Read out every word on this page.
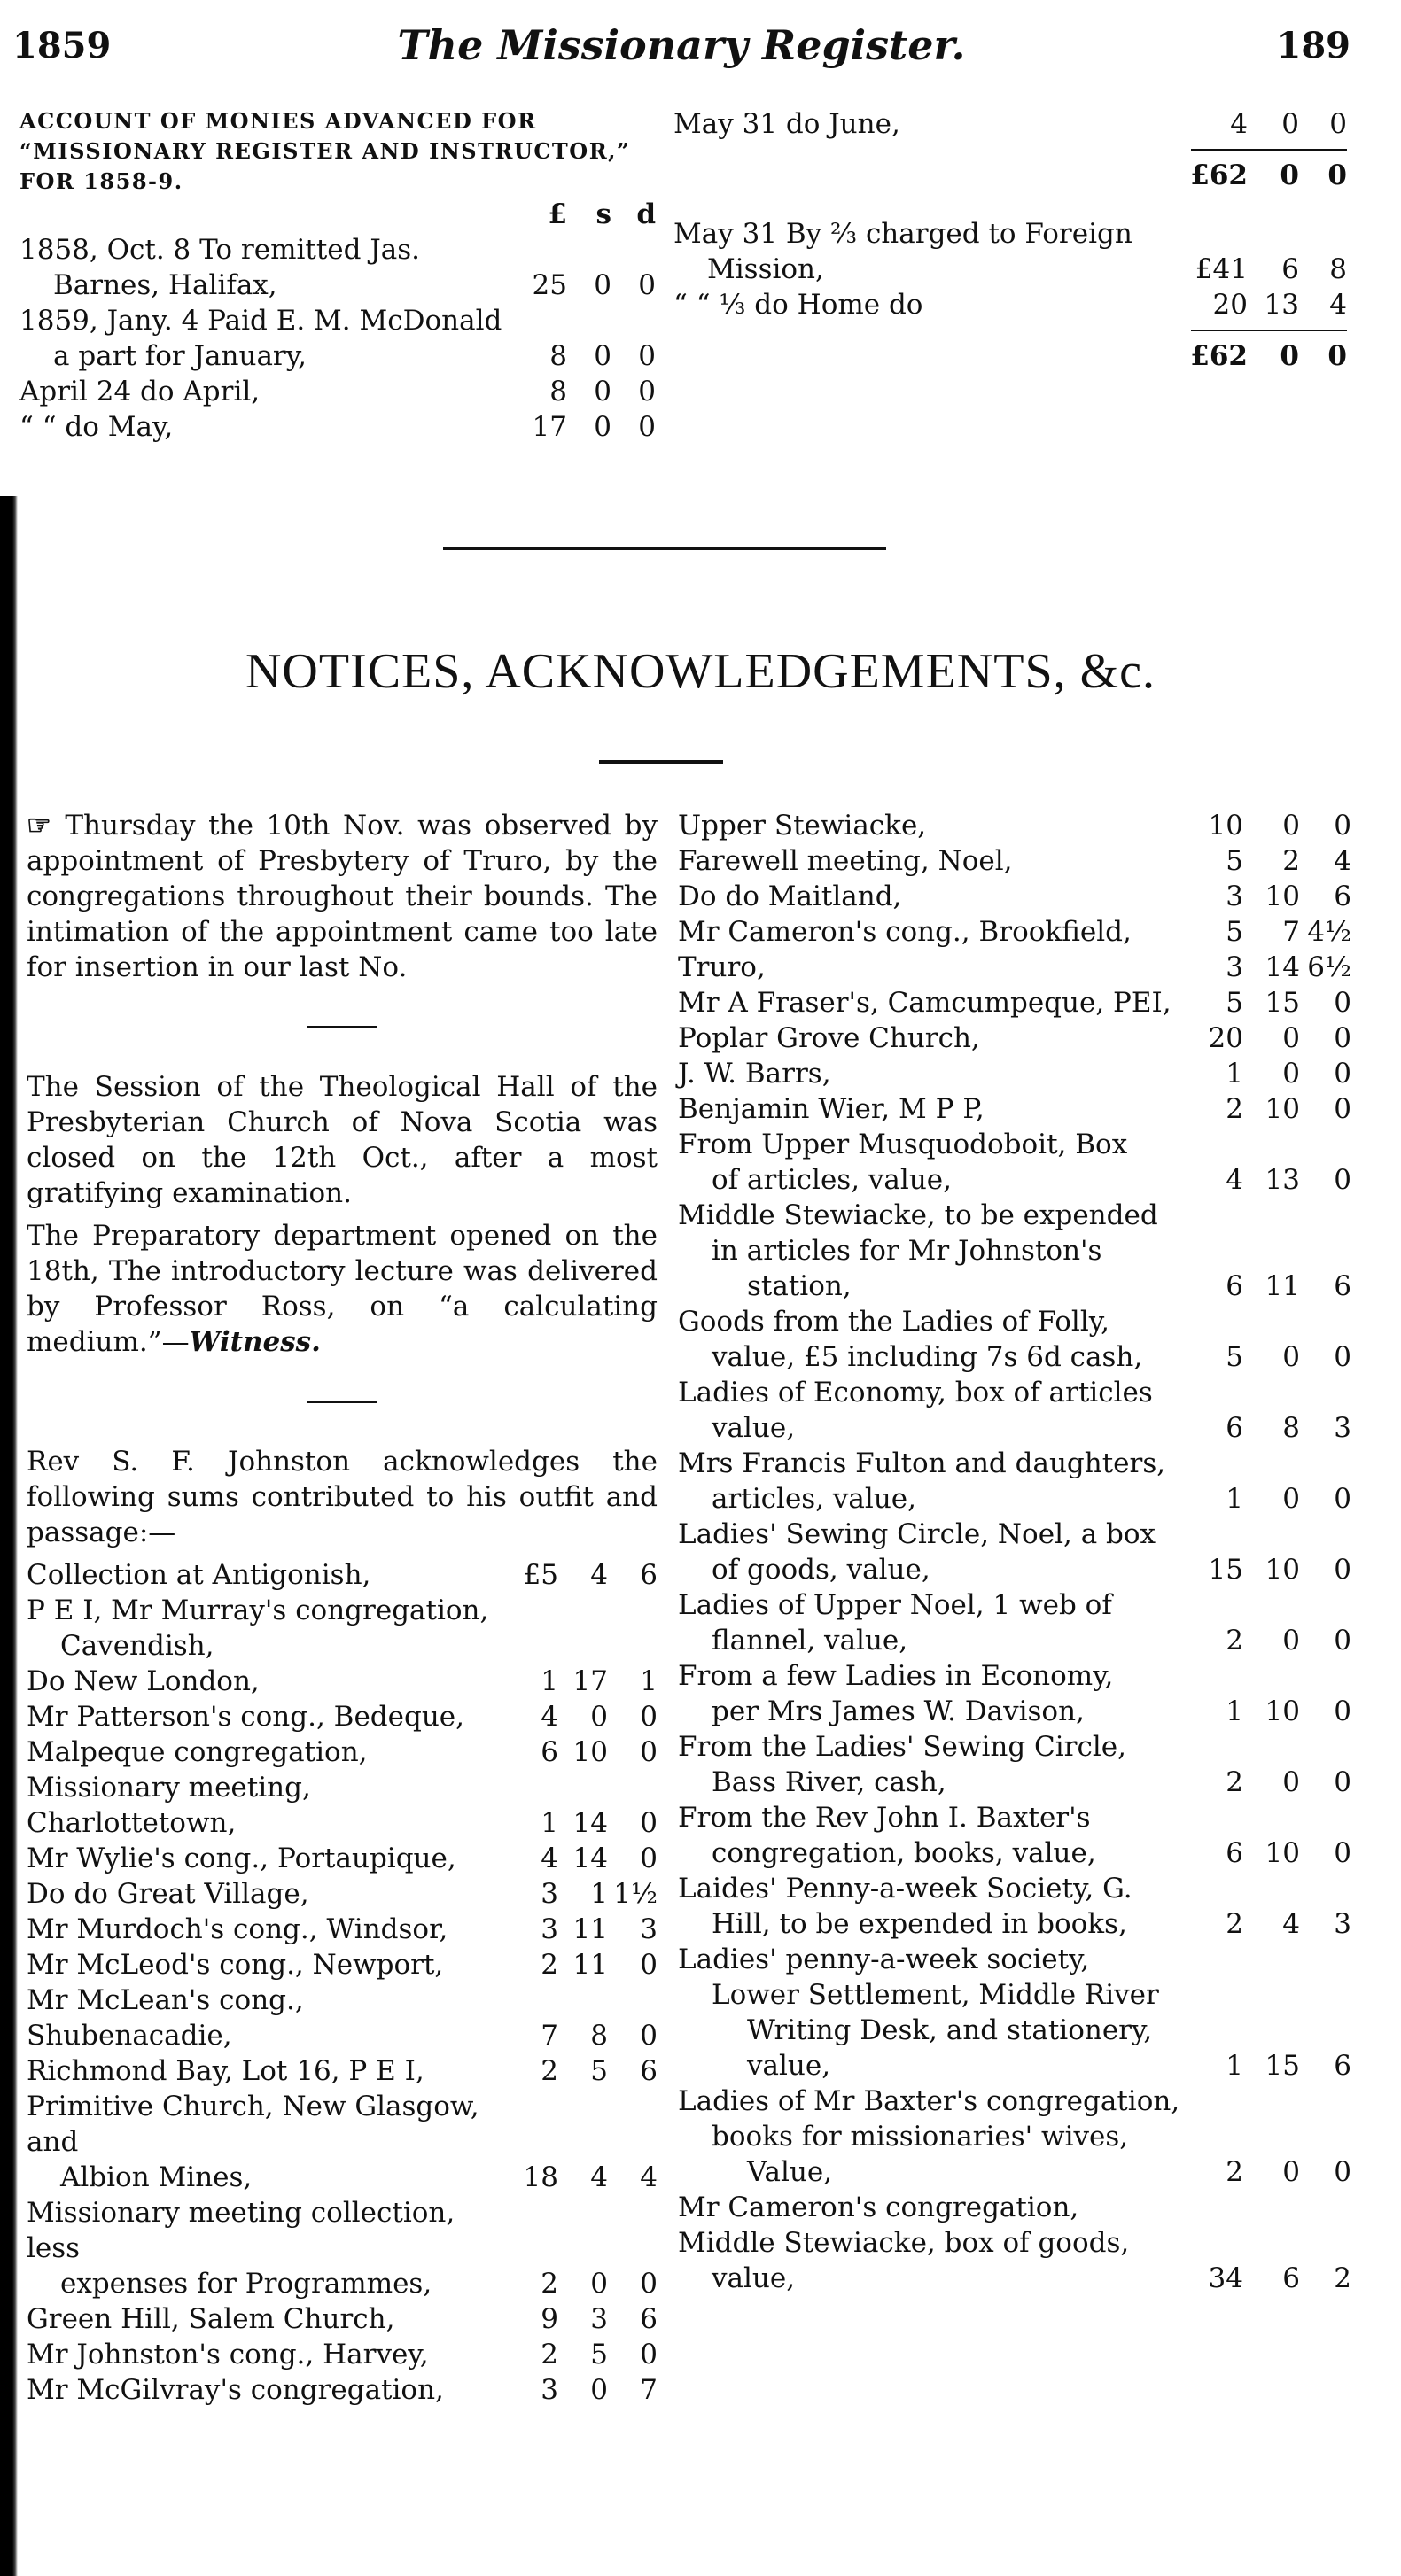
1859	The Missionary Register.	189
ACCOUNT OF MONIES ADVANCED FOR “MISSIONARY REGISTER AND INSTRUCTOR,” FOR 1858-9.
£	s d
1858, Oct. 8 To remitted Jas.
Barnes, Halifax,	25 0 0
1859, Jany. 4 Paid E. M. McDonald
a part for January,	8 0 0
April 24 do April,	8 0 0
“ “ do May,	17 0 0
May 31 do June,	4	0	0
£62	0	0
May 31 By ⅔ charged to Foreign
Mission,	£41	6	8
“ “ ⅓ do Home do	20 13	4
£62	0	0
NOTICES, ACKNOWLEDGEMENTS, &c.

☞ Thursday the 10th Nov. was observed by appointment of Presbytery of Truro, by the congregations throughout their bounds. The intimation of the appointment came too late for insertion in our last No.

The Session of the Theological Hall of the Presbyterian Church of Nova Scotia was closed on the 12th Oct., after a most gratifying examination.

The Preparatory department opened on the 18th, The introductory lecture was delivered by Professor Ross, on “a calculating medium.”—Witness.

Rev S. F. Johnston acknowledges the following sums contributed to his outfit and passage:—

Collection at Antigonish,	£5	4	6
P E I, Mr Murray's congregation,
Cavendish,
Do New London,	1 17	1
Mr Patterson's cong., Bedeque,	4	0	0
Malpeque congregation,	6 10	0
Missionary meeting, Charlottetown,	1 14	0
Mr Wylie's cong., Portaupique,	4 14	0
Do do Great Village,	3	1 1½
Mr Murdoch's cong., Windsor,	3 11	3
Mr McLeod's cong., Newport,	2 11	0
Mr McLean's cong., Shubenacadie,	7	8	0
Richmond Bay, Lot 16, P E I,	2	5	6
Primitive Church, New Glasgow, and
Albion Mines,	18	4	4
Missionary meeting collection, less
expenses for Programmes,	2	0	0
Green Hill, Salem Church,	9	3	6
Mr Johnston's cong., Harvey,	2	5	0
Mr McGilvray's congregation,	3	0	7
Upper Stewiacke,	10	0	0
Farewell meeting, Noel,	5	2	4
Do do Maitland,	3 10	6
Mr Cameron's cong., Brookfield,	5	7 4½
Truro,	3 14 6½
Mr A Fraser's, Camcumpeque, PEI,	5 15	0
Poplar Grove Church,	20	0	0
J. W. Barrs,	1	0	0
Benjamin Wier, M P P,	2 10	0
From Upper Musquodoboit, Box
of articles, value,	4 13	0
Middle Stewiacke, to be expended
in articles for Mr Johnston's
station,	6 11	6
Goods from the Ladies of Folly,
value, £5 including 7s 6d cash,	5	0	0
Ladies of Economy, box of articles
value,	6	8	3
Mrs Francis Fulton and daughters,
articles, value,	1	0	0
Ladies' Sewing Circle, Noel, a box
of goods, value,	15 10	0
Ladies of Upper Noel, 1 web of
flannel, value,	2	0	0
From a few Ladies in Economy,
per Mrs James W. Davison,	1 10	0
From the Ladies' Sewing Circle,
Bass River, cash,	2	0	0
From the Rev John I. Baxter's
congregation, books, value,	6 10	0
Laides' Penny-a-week Society, G.
Hill, to be expended in books,	2	4	3
Ladies' penny-a-week society,
Lower Settlement, Middle River
Writing Desk, and stationery,
value,	1 15	6
Ladies of Mr Baxter's congregation,
books for missionaries' wives,
Value,	2	0	0
Mr Cameron's congregation, Middle Stewiacke, box of goods,
value,	34	6	2
